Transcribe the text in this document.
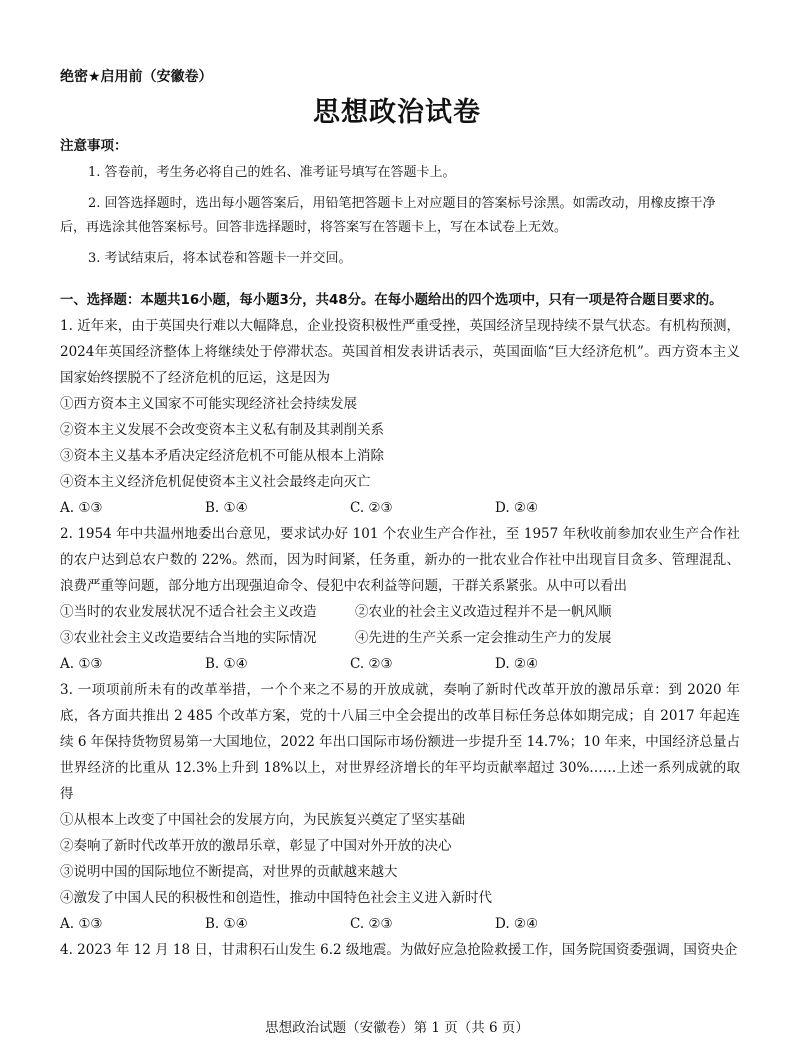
绝密★启用前（安徽卷）
思想政治试卷
注意事项：

1. 答卷前，考生务必将自己的姓名、准考证号填写在答题卡上。

2. 回答选择题时，选出每小题答案后，用铅笔把答题卡上对应题目的答案标号涂黑。如需改动，用橡皮擦干净后，再选涂其他答案标号。回答非选择题时，将答案写在答题卡上，写在本试卷上无效。

3. 考试结束后，将本试卷和答题卡一并交回。

一、选择题：本题共16小题，每小题3分，共48分。在每小题给出的四个选项中，只有一项是符合题目要求的。
1. 近年来，由于英国央行难以大幅降息，企业投资积极性严重受挫，英国经济呈现持续不景气状态。有机构预测，2024年英国经济整体上将继续处于停滞状态。英国首相发表讲话表示，英国面临“巨大经济危机”。西方资本主义国家始终摆脱不了经济危机的厄运，这是因为
①西方资本主义国家不可能实现经济社会持续发展
②资本主义发展不会改变资本主义私有制及其剥削关系
③资本主义基本矛盾决定经济危机不可能从根本上消除
④资本主义经济危机促使资本主义社会最终走向灭亡
A. ①③	B. ①④	C. ②③	D. ②④
2. 1954 年中共温州地委出台意见，要求试办好 101 个农业生产合作社，至 1957 年秋收前参加农业生产合作社的农户达到总农户数的 22%。然而，因为时间紧，任务重，新办的一批农业合作社中出现盲目贪多、管理混乱、浪费严重等问题，部分地方出现强迫命令、侵犯中农利益等问题，干群关系紧张。从中可以看出
①当时的农业发展状况不适合社会主义改造	②农业的社会主义改造过程并不是一帆风顺
③农业社会主义改造要结合当地的实际情况	④先进的生产关系一定会推动生产力的发展
A. ①③	B. ①④	C. ②③	D. ②④
3. 一项项前所未有的改革举措，一个个来之不易的开放成就，奏响了新时代改革开放的激昂乐章：到 2020 年底，各方面共推出 2 485 个改革方案，党的十八届三中全会提出的改革目标任务总体如期完成；自 2017 年起连续 6 年保持货物贸易第一大国地位，2022 年出口国际市场份额进一步提升至 14.7%；10 年来，中国经济总量占世界经济的比重从 12.3%上升到 18%以上，对世界经济增长的年平均贡献率超过 30%……上述一系列成就的取得
①从根本上改变了中国社会的发展方向，为民族复兴奠定了坚实基础
②奏响了新时代改革开放的激昂乐章，彰显了中国对外开放的决心
③说明中国的国际地位不断提高，对世界的贡献越来越大
④激发了中国人民的积极性和创造性，推动中国特色社会主义进入新时代
A. ①③	B. ①④	C. ②③	D. ②④
4. 2023 年 12 月 18 日，甘肃积石山发生 6.2 级地震。为做好应急抢险救援工作，国务院国资委强调，国资央企
思想政治试题（安徽卷）第 1 页（共 6 页）
